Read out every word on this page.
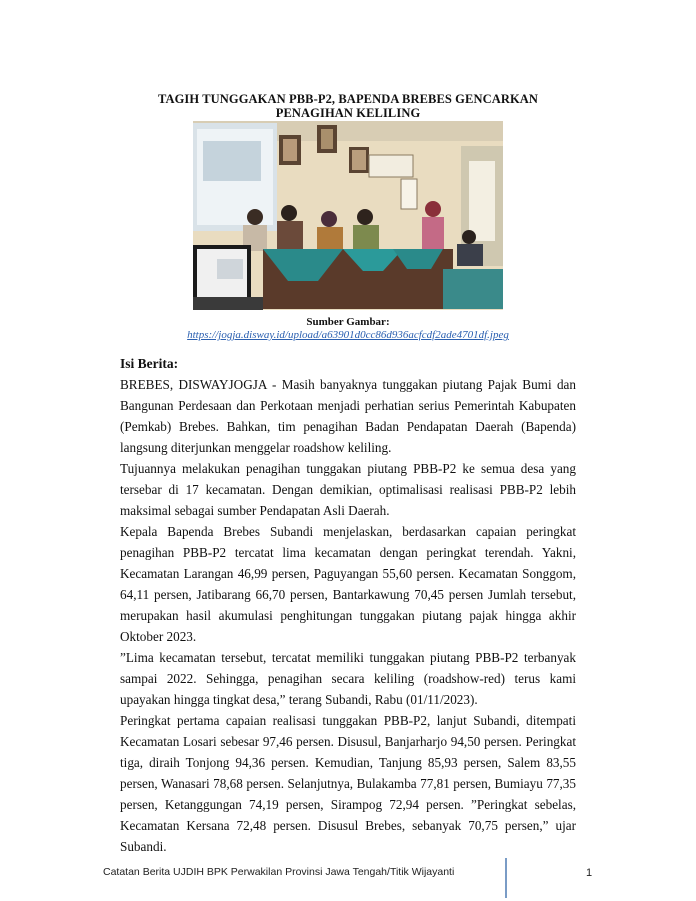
TAGIH TUNGGAKAN PBB-P2, BAPENDA BREBES GENCARKAN PENAGIHAN KELILING
Sumber Gambar:
https://jogja.disway.id/upload/a63901d0cc86d936acfcdf2ade4701df.jpeg
Isi Berita:

BREBES, DISWAYJOGJA - Masih banyaknya tunggakan piutang Pajak Bumi dan Bangunan Perdesaan dan Perkotaan menjadi perhatian serius Pemerintah Kabupaten (Pemkab) Brebes. Bahkan, tim penagihan Badan Pendapatan Daerah (Bapenda) langsung diterjunkan menggelar roadshow keliling.

Tujuannya melakukan penagihan tunggakan piutang PBB-P2 ke semua desa yang tersebar di 17 kecamatan. Dengan demikian, optimalisasi realisasi PBB-P2 lebih maksimal sebagai sumber Pendapatan Asli Daerah.

Kepala Bapenda Brebes Subandi menjelaskan, berdasarkan capaian peringkat penagihan PBB-P2 tercatat lima kecamatan dengan peringkat terendah. Yakni, Kecamatan Larangan 46,99 persen, Paguyangan 55,60 persen. Kecamatan Songgom, 64,11 persen, Jatibarang 66,70 persen, Bantarkawung 70,45 persen Jumlah tersebut, merupakan hasil akumulasi penghitungan tunggakan piutang pajak hingga akhir Oktober 2023.

”Lima kecamatan tersebut, tercatat memiliki tunggakan piutang PBB-P2 terbanyak sampai 2022. Sehingga, penagihan secara keliling (roadshow-red) terus kami upayakan hingga tingkat desa,” terang Subandi, Rabu (01/11/2023).

Peringkat pertama capaian realisasi tunggakan PBB-P2, lanjut Subandi, ditempati Kecamatan Losari sebesar 97,46 persen. Disusul, Banjarharjo 94,50 persen. Peringkat tiga, diraih Tonjong 94,36 persen. Kemudian, Tanjung 85,93 persen, Salem 83,55 persen, Wanasari 78,68 persen. Selanjutnya, Bulakamba 77,81 persen, Bumiayu 77,35 persen, Ketanggungan 74,19 persen, Sirampog 72,94 persen. ”Peringkat sebelas, Kecamatan Kersana 72,48 persen. Disusul Brebes, sebanyak 70,75 persen,” ujar Subandi.

Catatan Berita UJDIH BPK Perwakilan Provinsi Jawa Tengah/Titik Wijayanti	1
